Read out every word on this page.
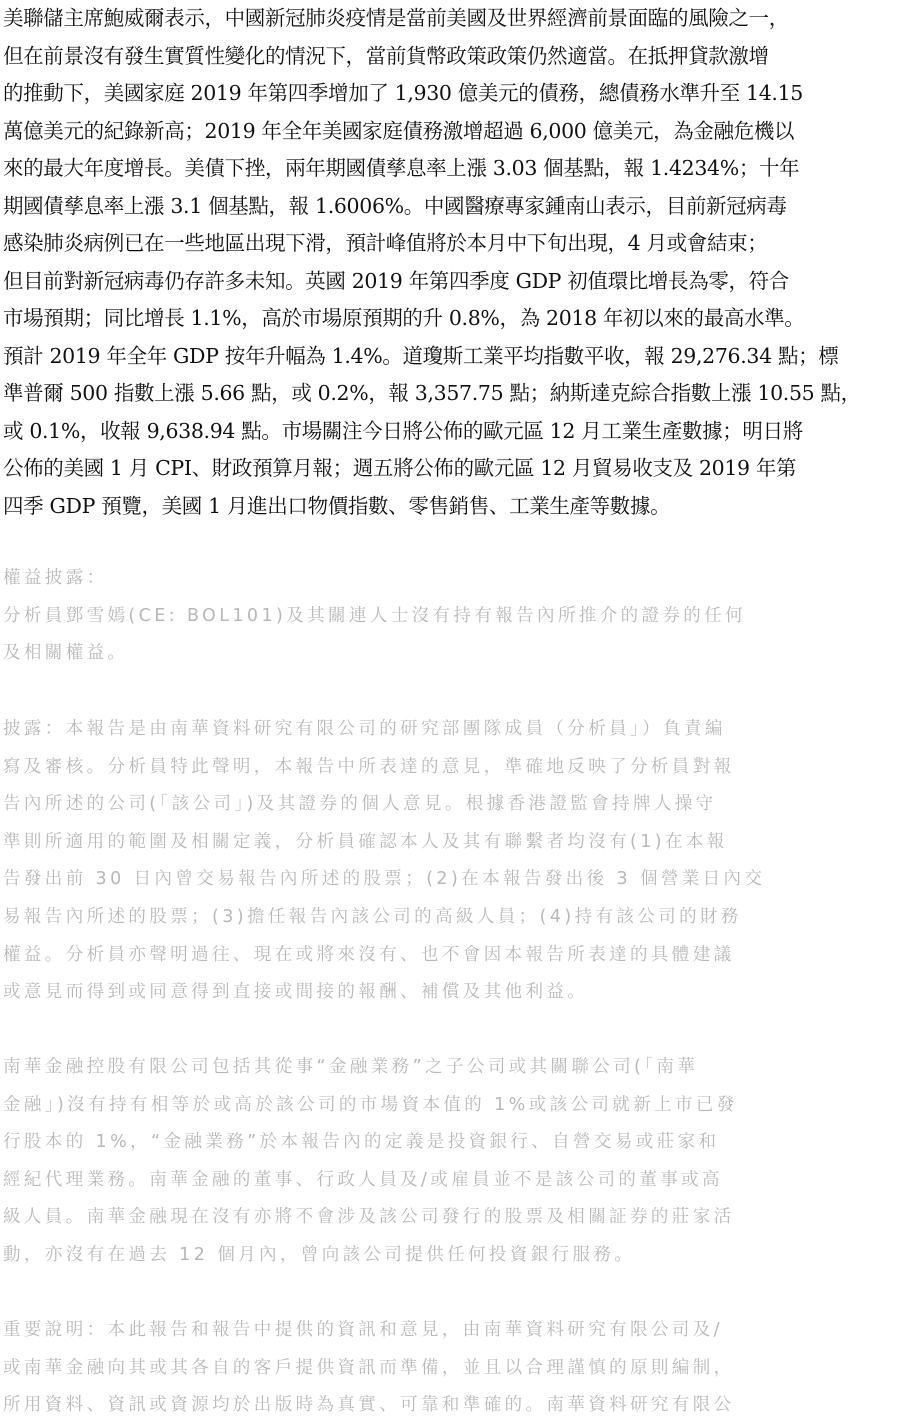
美聯儲主席鮑威爾表示，中國新冠肺炎疫情是當前美國及世界經濟前景面臨的風險之一，
但在前景沒有發生實質性變化的情況下，當前貨幣政策政策仍然適當。在抵押貸款激增
的推動下，美國家庭 2019 年第四季增加了 1,930 億美元的債務，總債務水準升至 14.15
萬億美元的紀錄新高；2019 年全年美國家庭債務激增超過 6,000 億美元，為金融危機以
來的最大年度增長。美債下挫，兩年期國債孳息率上漲 3.03 個基點，報 1.4234%；十年
期國債孳息率上漲 3.1 個基點，報 1.6006%。中國醫療專家鍾南山表示，目前新冠病毒
感染肺炎病例已在一些地區出現下滑，預計峰值將於本月中下旬出現，4 月或會結束；
但目前對新冠病毒仍存許多未知。英國 2019 年第四季度 GDP 初值環比增長為零，符合
市場預期；同比增長 1.1%，高於市場原預期的升 0.8%，為 2018 年初以來的最高水準。
預計 2019 年全年 GDP 按年升幅為 1.4%。道瓊斯工業平均指數平收，報 29,276.34 點；標
準普爾 500 指數上漲 5.66 點，或 0.2%，報 3,357.75 點；納斯達克綜合指數上漲 10.55 點，
或 0.1%，收報 9,638.94 點。市場關注今日將公佈的歐元區 12 月工業生產數據；明日將
公佈的美國 1 月 CPI、財政預算月報；週五將公佈的歐元區 12 月貿易收支及 2019 年第
四季 GDP 預覽，美國 1 月進出口物價指數、零售銷售、工業生產等數據。
權益披露：
分析員鄧雪嫣(CE: BOL101)及其關連人士沒有持有報告內所推介的證券的任何
及相關權益。
披露：本報告是由南華資料研究有限公司的研究部團隊成員（分析員」）負責編
寫及審核。分析員特此聲明，本報告中所表達的意見，準確地反映了分析員對報
告內所述的公司(「該公司」)及其證券的個人意見。根據香港證監會持牌人操守
準則所適用的範圍及相關定義，分析員確認本人及其有聯繫者均沒有(1)在本報
告發出前 30 日內曾交易報告內所述的股票；(2)在本報告發出後 3 個營業日內交
易報告內所述的股票；(3)擔任報告內該公司的高級人員；(4)持有該公司的財務
權益。分析員亦聲明過往、現在或將來沒有、也不會因本報告所表達的具體建議
或意見而得到或同意得到直接或間接的報酬、補償及其他利益。
南華金融控股有限公司包括其從事“金融業務”之子公司或其關聯公司(「南華
金融」)沒有持有相等於或高於該公司的市場資本值的 1%或該公司就新上市已發
行股本的 1%，“金融業務”於本報告內的定義是投資銀行、自營交易或莊家和
經紀代理業務。南華金融的董事、行政人員及/或雇員並不是該公司的董事或高
級人員。南華金融現在沒有亦將不會涉及該公司發行的股票及相關証券的莊家活
動，亦沒有在過去 12 個月內，曾向該公司提供任何投資銀行服務。
重要說明：本此報告和報告中提供的資訊和意見，由南華資料研究有限公司及/
或南華金融向其或其各自的客戶提供資訊而準備，並且以合理謹慎的原則編制，
所用資料、資訊或資源均於出版時為真實、可靠和準確的。南華資料研究有限公
